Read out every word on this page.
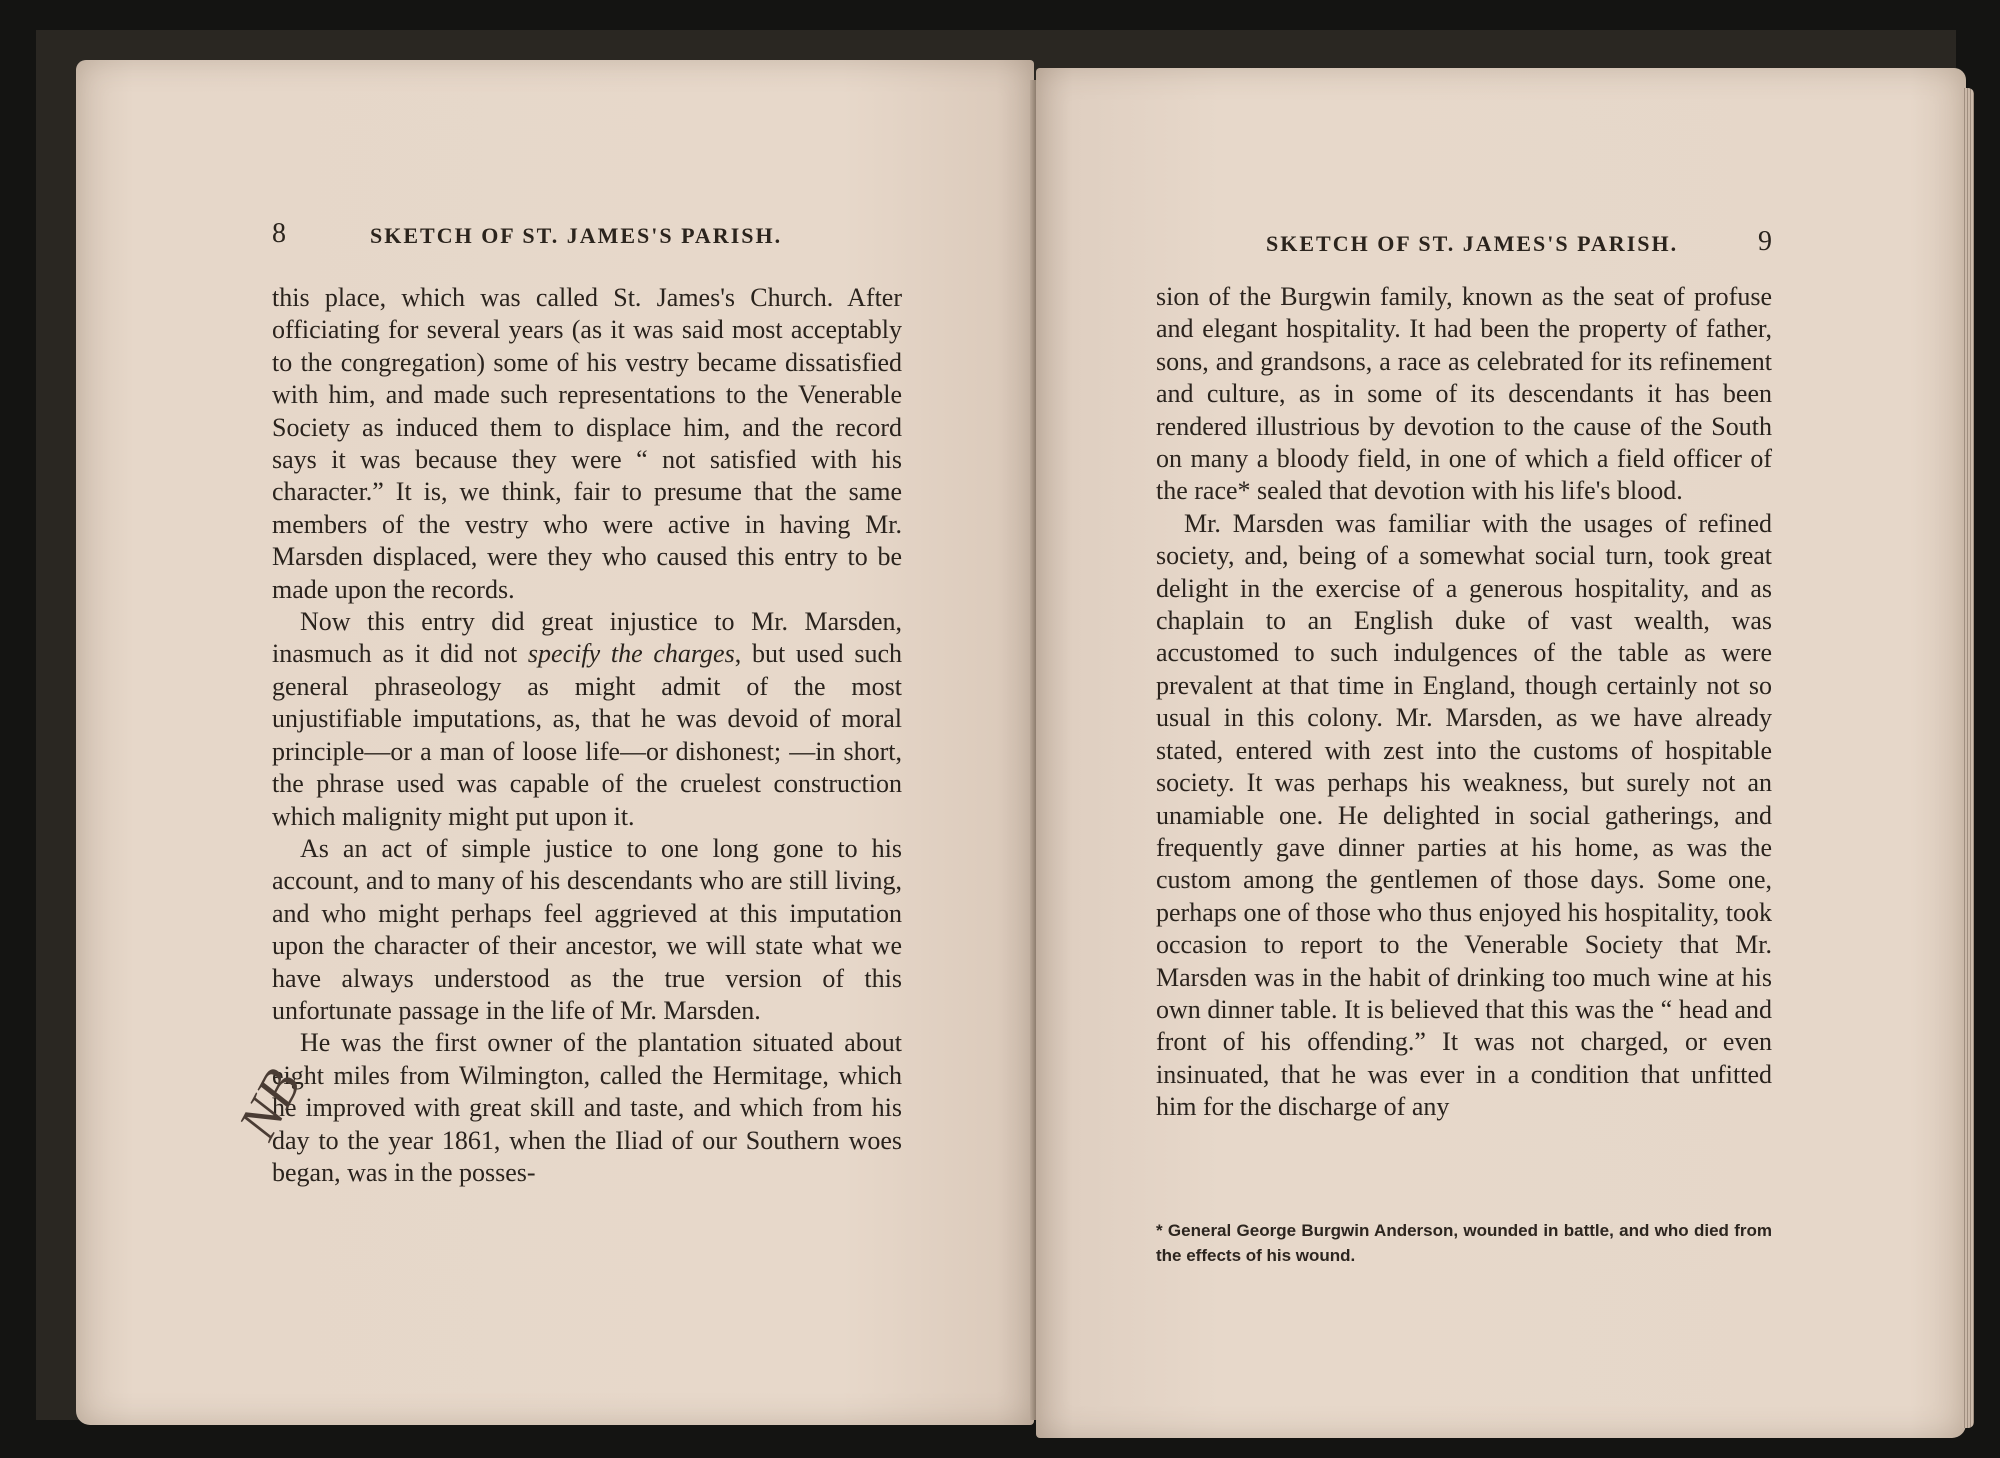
8	SKETCH OF ST. JAMES'S PARISH.

this place, which was called St. James's Church. After officiating for several years (as it was said most acceptably to the congregation) some of his vestry became dissatisfied with him, and made such representations to the Venerable Society as induced them to displace him, and the record says it was because they were “ not satisfied with his character.” It is, we think, fair to presume that the same members of the vestry who were active in having Mr. Marsden displaced, were they who caused this entry to be made upon the records.

Now this entry did great injustice to Mr. Marsden, inasmuch as it did not specify the charges, but used such general phraseology as might admit of the most unjustifiable imputations, as, that he was devoid of moral principle—or a man of loose life—or dishonest; —in short, the phrase used was capable of the cruelest construction which malignity might put upon it.

As an act of simple justice to one long gone to his account, and to many of his descendants who are still living, and who might perhaps feel aggrieved at this imputation upon the character of their ancestor, we will state what we have always understood as the true version of this unfortunate passage in the life of Mr. Marsden.

He was the first owner of the plantation situated about eight miles from Wilmington, called the Hermitage, which he improved with great skill and taste, and which from his day to the year 1861, when the Iliad of our Southern woes began, was in the posses-

NB
SKETCH OF ST. JAMES'S PARISH.	9

sion of the Burgwin family, known as the seat of profuse and elegant hospitality. It had been the property of father, sons, and grandsons, a race as celebrated for its refinement and culture, as in some of its descendants it has been rendered illustrious by devotion to the cause of the South on many a bloody field, in one of which a field officer of the race* sealed that devotion with his life's blood.

Mr. Marsden was familiar with the usages of refined society, and, being of a somewhat social turn, took great delight in the exercise of a generous hospitality, and as chaplain to an English duke of vast wealth, was accustomed to such indulgences of the table as were prevalent at that time in England, though certainly not so usual in this colony. Mr. Marsden, as we have already stated, entered with zest into the customs of hospitable society. It was perhaps his weakness, but surely not an unamiable one. He delighted in social gatherings, and frequently gave dinner parties at his home, as was the custom among the gentlemen of those days. Some one, perhaps one of those who thus enjoyed his hospitality, took occasion to report to the Venerable Society that Mr. Marsden was in the habit of drinking too much wine at his own dinner table. It is believed that this was the “ head and front of his offending.” It was not charged, or even insinuated, that he was ever in a condition that unfitted him for the discharge of any

* General George Burgwin Anderson, wounded in battle, and who died from the effects of his wound.
